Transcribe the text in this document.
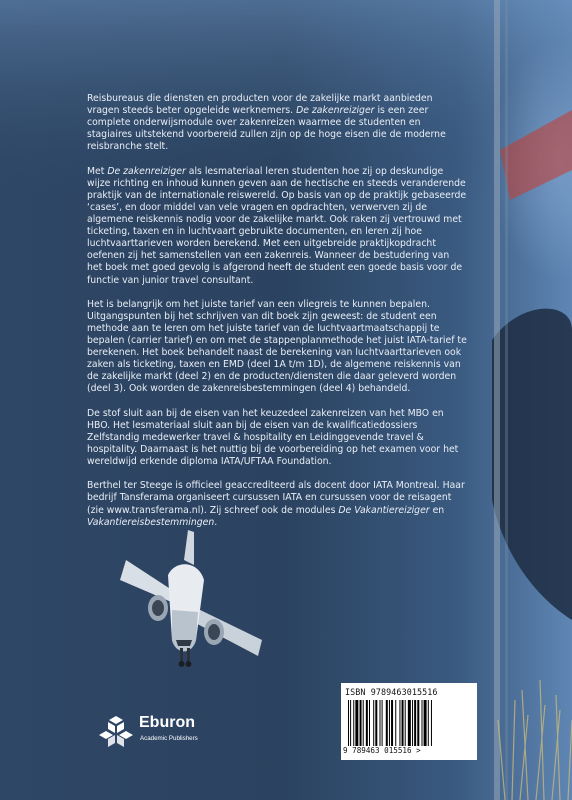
Reisbureaus die diensten en producten voor de zakelijke markt aanbieden vragen steeds beter opgeleide werknemers. De zakenreiziger is een zeer complete onderwijsmodule over zakenreizen waarmee de studenten en stagiaires uitstekend voorbereid zullen zijn op de hoge eisen die de moderne reisbranche stelt.

Met De zakenreiziger als lesmateriaal leren studenten hoe zij op deskundige wijze richting en inhoud kunnen geven aan de hectische en steeds veranderende praktijk van de internationale reiswereld. Op basis van op de praktijk gebaseerde ‘cases’, en door middel van vele vragen en opdrachten, verwerven zij de algemene reiskennis nodig voor de zakelijke markt. Ook raken zij vertrouwd met ticketing, taxen en in luchtvaart gebruikte documenten, en leren zij hoe luchtvaarttarieven worden berekend. Met een uitgebreide praktijkopdracht oefenen zij het samenstellen van een zakenreis. Wanneer de bestudering van het boek met goed gevolg is afgerond heeft de student een goede basis voor de functie van junior travel consultant.

Het is belangrijk om het juiste tarief van een vliegreis te kunnen bepalen. Uitgangspunten bij het schrijven van dit boek zijn geweest: de student een methode aan te leren om het juiste tarief van de luchtvaartmaatschappij te bepalen (carrier tarief) en om met de stappenplanmethode het juist IATA-tarief te berekenen. Het boek behandelt naast de berekening van luchtvaarttarieven ook zaken als ticketing, taxen en EMD (deel 1A t/m 1D), de algemene reiskennis van de zakelijke markt (deel 2) en de producten/diensten die daar geleverd worden (deel 3). Ook worden de zakenreisbestemmingen (deel 4) behandeld.

De stof sluit aan bij de eisen van het keuzedeel zakenreizen van het MBO en HBO. Het lesmateriaal sluit aan bij de eisen van de kwalificatiedossiers Zelfstandig medewerker travel & hospitality en Leidinggevende travel & hospitality. Daarnaast is het nuttig bij de voorbereiding op het examen voor het wereldwijd erkende diploma IATA/UFTAA Foundation.

Berthel ter Steege is officieel geaccrediteerd als docent door IATA Montreal. Haar bedrijf Tansferama organiseert cursussen IATA en cursussen voor de reisagent (zie www.transferama.nl). Zij schreef ook de modules De Vakantiereiziger en Vakantiereisbestemmingen.

Eburon
Academic Publishers
ISBN 9789463015516
9 789463 015516 >
